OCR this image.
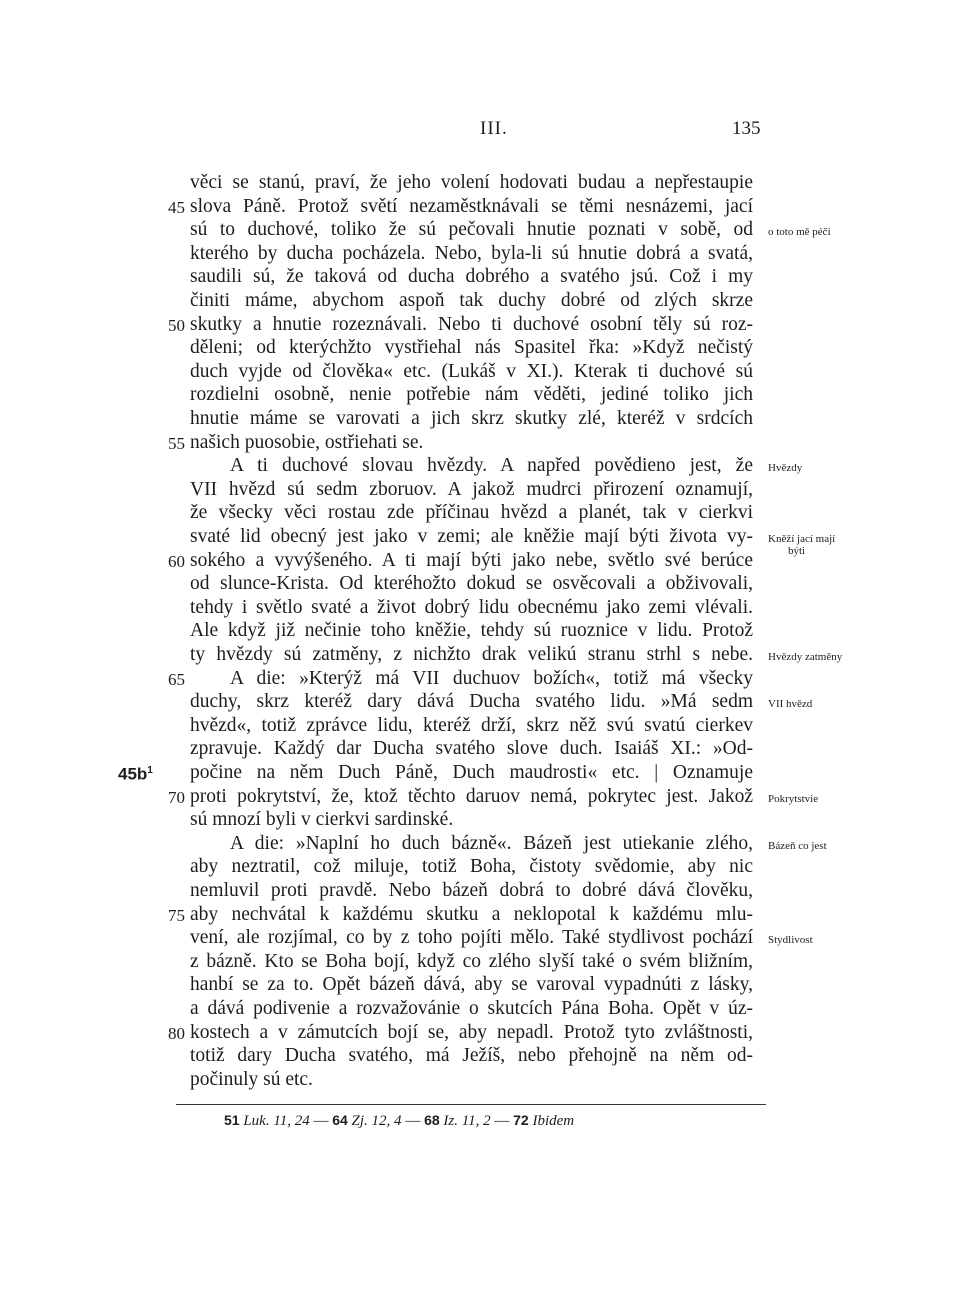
III.	135
věci se stanú, praví, že jeho volení hodovati budau a nepřestaupie
slova Páně. Protož světí nezaměstknávali se těmi nesnázemi, jací
45
sú to duchové, toliko že sú pečovali hnutie poznati v sobě, od o toto mě péči
kterého by ducha pocházela. Nebo, byla-li sú hnutie dobrá a svatá,
saudili sú, že taková od ducha dobrého a svatého jsú. Což i my
činiti máme, abychom aspoň tak duchy dobré od zlých skrze
skutky a hnutie rozeznávali. Nebo ti duchové osobní těly sú roz-
50
děleni; od kterýchžto vystřiehal nás Spasitel řka: »Když nečistý
duch vyjde od člověka« etc. (Lukáš v XI.). Kterak ti duchové sú
rozdielni osobně, nenie potřebie nám věděti, jediné toliko jich
hnutie máme se varovati a jich skrz skutky zlé, kteréž v srdcích
našich puosobie, ostřiehati se.
55
A ti duchové slovau hvězdy. A napřed povědieno jest, že Hvězdy
VII hvězd sú sedm zboruov. A jakož mudrci přirození oznamují,
že všecky věci rostau zde příčinau hvězd a planét, tak v cierkvi
svaté lid obecný jest jako v zemi; ale kněžie mají býti života vy- Kněží jací mají
býti
sokého a vyvýšeného. A ti mají býti jako nebe, světlo své berúce
60
od slunce-Krista. Od kteréhožto dokud se osvěcovali a obživovali,
tehdy i světlo svaté a život dobrý lidu obecnému jako zemi vlévali.
Ale když již nečinie toho kněžie, tehdy sú ruoznice v lidu. Protož
ty hvězdy sú zatměny, z nichžto drak velikú stranu strhl s nebe. Hvězdy zatměny
A die: »Kterýž má VII duchuov božích«, totiž má všecky
65
duchy, skrz kteréž dary dává Ducha svatého lidu. »Má sedm VII hvězd
hvězd«, totiž zprávce lidu, kteréž drží, skrz něž svú svatú cierkev
zpravuje. Každý dar Ducha svatého slove duch. Isaiáš XI.: »Od-
počine na něm Duch Páně, Duch maudrosti« etc. | Oznamuje
$45b^1$
proti pokrytství, že, ktož těchto daruov nemá, pokrytec jest. Jakož
70	Pokrytstvie
sú mnozí byli v cierkvi sardinské.
A die: »Naplní ho duch bázně«. Bázeň jest utiekanie zlého, Bázeň co jest
aby neztratil, což miluje, totiž Boha, čistoty svědomie, aby nic
nemluvil proti pravdě. Nebo bázeň dobrá to dobré dává člověku,
aby nechvátal k každému skutku a neklopotal k každému mlu-
75
vení, ale rozjímal, co by z toho pojíti mělo. Také stydlivost pochází Stydlivost
z bázně. Kto se Boha bojí, když co zlého slyší také o svém bližním,
hanbí se za to. Opět bázeň dává, aby se varoval vypadnúti z lásky,
a dává podivenie a rozvažovánie o skutcích Pána Boha. Opět v úz-
kostech a v zámutcích bojí se, aby nepadl. Protož tyto zvláštnosti,
80
totiž dary Ducha svatého, má Ježíš, nebo přehojně na něm od-
počinuly sú etc.
51 Luk. 11, 24 — 64 Zj. 12, 4 — 68 Iz. 11, 2 — 72 Ibidem
